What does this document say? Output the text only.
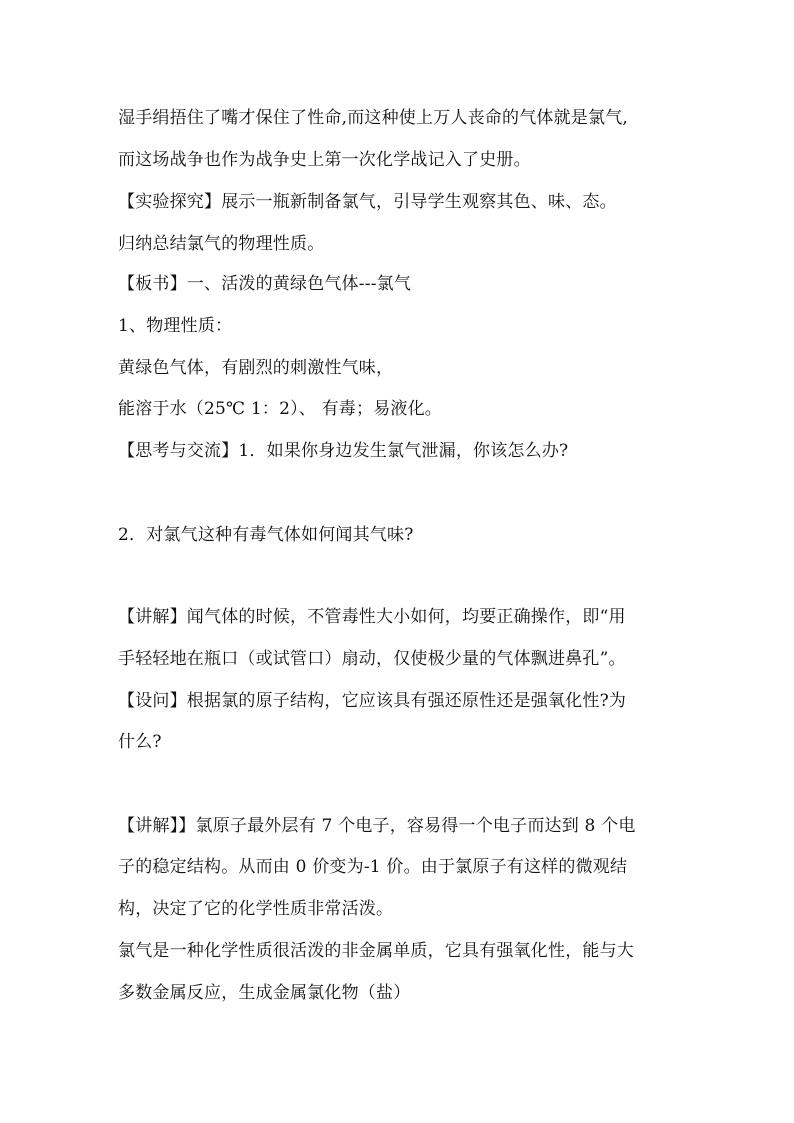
湿手绢捂住了嘴才保住了性命,而这种使上万人丧命的气体就是氯气,
而这场战争也作为战争史上第一次化学战记入了史册。
【实验探究】展示一瓶新制备氯气，引导学生观察其色、味、态。
归纳总结氯气的物理性质。
【板书】一、活泼的黄绿色气体---氯气
1、物理性质：
黄绿色气体，有剧烈的刺激性气味，
能溶于水（25℃ 1：2）、 有毒；易液化。
【思考与交流】1．如果你身边发生氯气泄漏，你该怎么办?
2．对氯气这种有毒气体如何闻其气味?
【讲解】闻气体的时候，不管毒性大小如何，均要正确操作，即“用
手轻轻地在瓶口（或试管口）扇动，仅使极少量的气体飘进鼻孔”。
【设问】根据氯的原子结构，它应该具有强还原性还是强氧化性?为
什么?
【讲解】】氯原子最外层有 7 个电子，容易得一个电子而达到 8 个电
子的稳定结构。从而由 0 价变为-1 价。由于氯原子有这样的微观结
构，决定了它的化学性质非常活泼。
氯气是一种化学性质很活泼的非金属单质，它具有强氧化性，能与大
多数金属反应，生成金属氯化物（盐）
